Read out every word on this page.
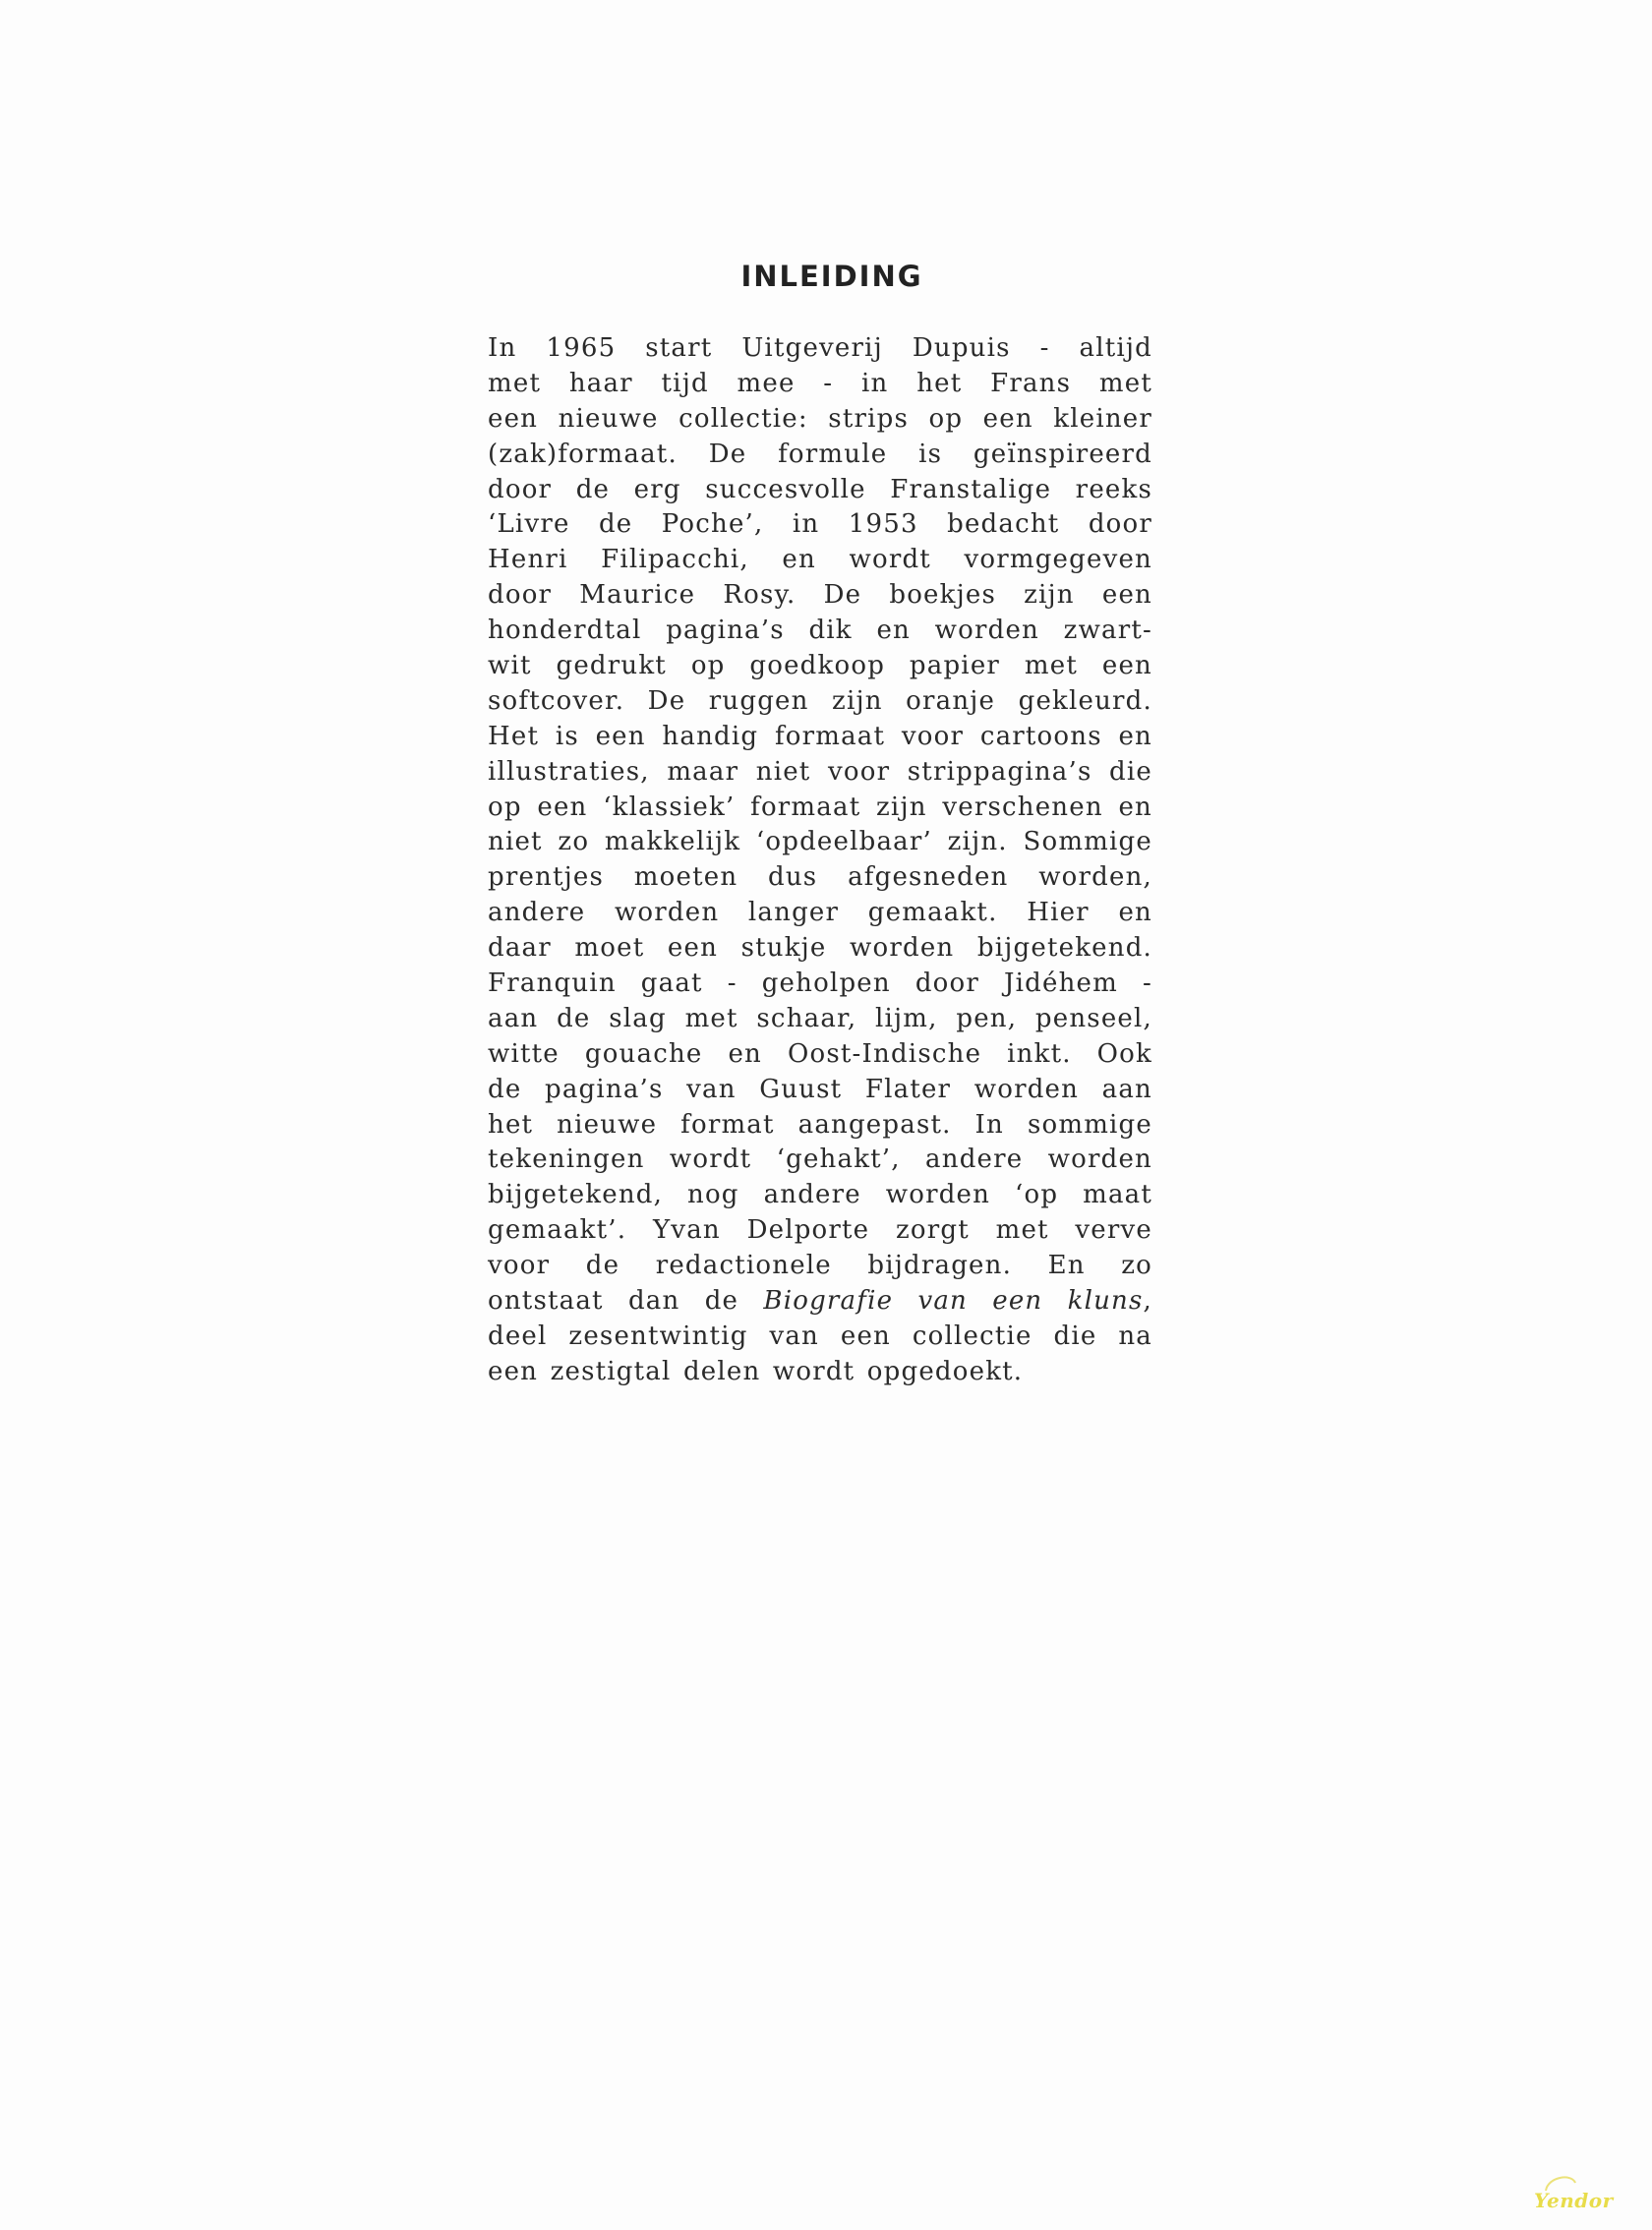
INLEIDING
In 1965 start Uitgeverij Dupuis - altijd
met haar tijd mee - in het Frans met
een nieuwe collectie: strips op een kleiner
(zak)formaat. De formule is geïnspireerd
door de erg succesvolle Franstalige reeks
‘Livre de Poche’, in 1953 bedacht door
Henri Filipacchi, en wordt vormgegeven
door Maurice Rosy. De boekjes zijn een
honderdtal pagina’s dik en worden zwart-
wit gedrukt op goedkoop papier met een
softcover. De ruggen zijn oranje gekleurd.
Het is een handig formaat voor cartoons en
illustraties, maar niet voor strippagina’s die
op een ‘klassiek’ formaat zijn verschenen en
niet zo makkelijk ‘opdeelbaar’ zijn. Sommige
prentjes moeten dus afgesneden worden,
andere worden langer gemaakt. Hier en
daar moet een stukje worden bijgetekend.
Franquin gaat - geholpen door Jidéhem -
aan de slag met schaar, lijm, pen, penseel,
witte gouache en Oost-Indische inkt. Ook
de pagina’s van Guust Flater worden aan
het nieuwe format aangepast. In sommige
tekeningen wordt ‘gehakt’, andere worden
bijgetekend, nog andere worden ‘op maat
gemaakt’. Yvan Delporte zorgt met verve
voor de redactionele bijdragen. En zo
ontstaat dan de Biografie van een kluns,
deel zesentwintig van een collectie die na
een zestigtal delen wordt opgedoekt.
Yendor
